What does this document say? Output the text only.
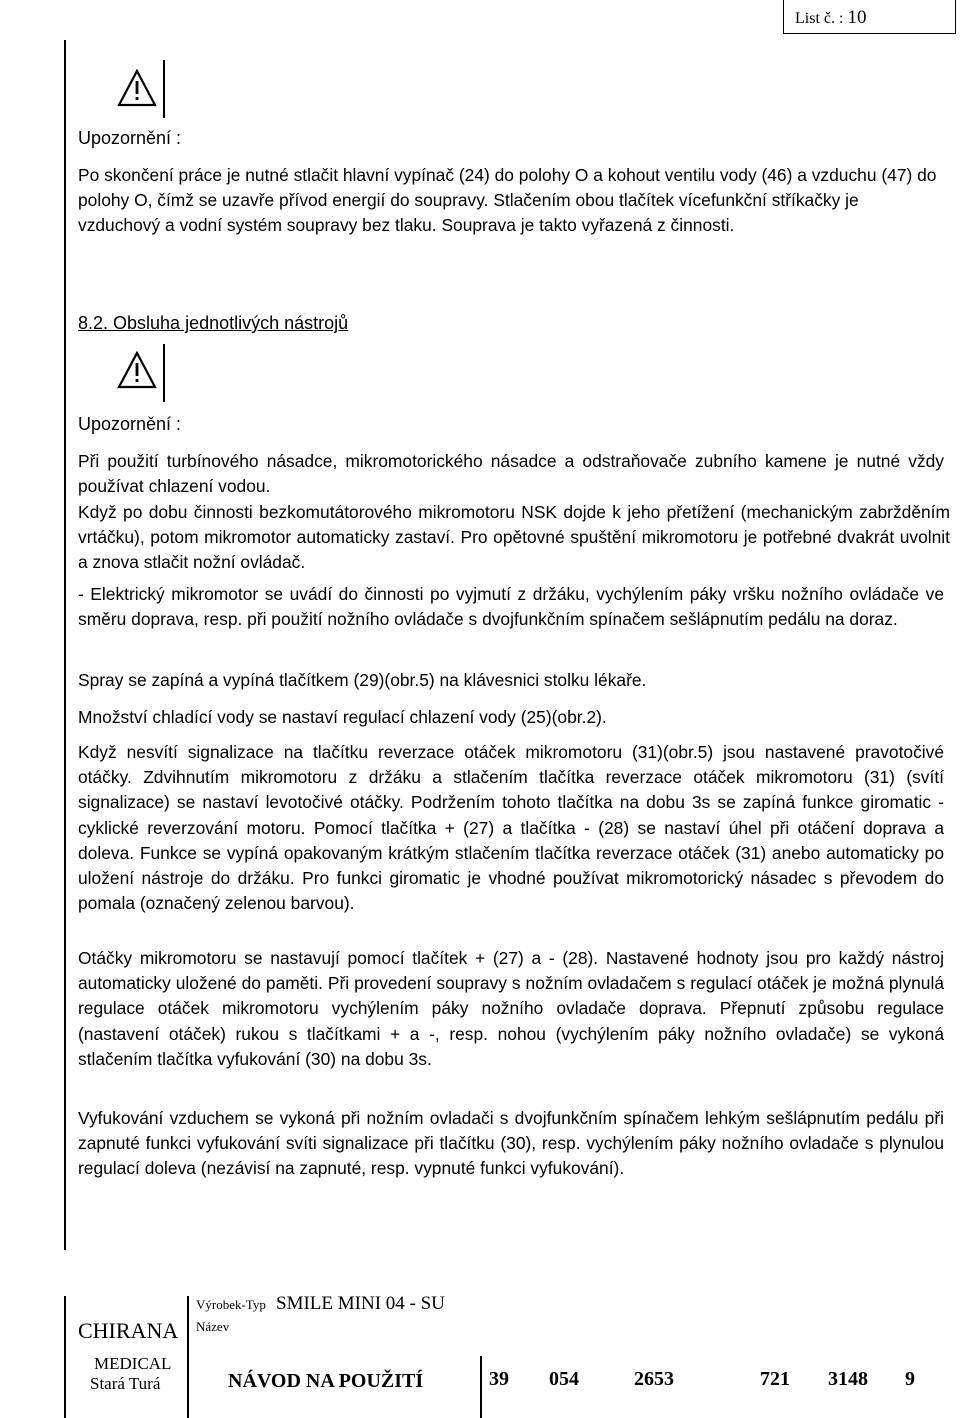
List č. : 10
Upozornění :

Po skončení práce je nutné stlačit hlavní vypínač (24) do polohy O a kohout ventilu vody (46) a vzduchu (47) do polohy O, čímž se uzavře přívod energií do soupravy. Stlačením obou tlačítek vícefunkční stříkačky je vzduchový a vodní systém soupravy bez tlaku. Souprava je takto vyřazená z činnosti.

8.2. Obsluha jednotlivých nástrojů
Upozornění :

Při použití turbínového násadce, mikromotorického násadce a odstraňovače zubního kamene je nutné vždy používat chlazení vodou.

Když po dobu činnosti bezkomutátorového mikromotoru NSK dojde k jeho přetížení (mechanickým zabržděním vrtáčku), potom mikromotor automaticky zastaví. Pro opětovné spuštění mikromotoru je potřebné dvakrát uvolnit a znova stlačit nožní ovládač.

- Elektrický mikromotor se uvádí do činnosti po vyjmutí z držáku, vychýlením páky vršku nožního ovládače ve směru doprava, resp. při použití nožního ovládače s dvojfunkčním spínačem sešlápnutím pedálu na doraz.

Spray se zapíná a vypíná tlačítkem (29)(obr.5) na klávesnici stolku lékaře.

Množství chladící vody se nastaví regulací chlazení vody (25)(obr.2).

Když nesvítí signalizace na tlačítku reverzace otáček mikromotoru (31)(obr.5) jsou nastavené pravotočivé otáčky. Zdvihnutím mikromotoru z držáku a stlačením tlačítka reverzace otáček mikromotoru (31) (svítí signalizace) se nastaví levotočivé otáčky. Podržením tohoto tlačítka na dobu 3s se zapíná funkce giromatic - cyklické reverzování motoru. Pomocí tlačítka + (27) a tlačítka - (28) se nastaví úhel při otáčení doprava a doleva. Funkce se vypíná opakovaným krátkým stlačením tlačítka reverzace otáček (31) anebo automaticky po uložení nástroje do držáku. Pro funkci giromatic je vhodné používat mikromotorický násadec s převodem do pomala (označený zelenou barvou).

Otáčky mikromotoru se nastavují pomocí tlačítek + (27) a - (28). Nastavené hodnoty jsou pro každý nástroj automaticky uložené do paměti. Při provedení soupravy s nožním ovladačem s regulací otáček je možná plynulá regulace otáček mikromotoru vychýlením páky nožního ovladače doprava. Přepnutí způsobu regulace (nastavení otáček) rukou s tlačítkami + a -, resp. nohou (vychýlením páky nožního ovladače) se vykoná stlačením tlačítka vyfukování (30) na dobu 3s.

Vyfukování vzduchem se vykoná při nožním ovladači s dvojfunkčním spínačem lehkým sešlápnutím pedálu při zapnuté funkci vyfukování svíti signalizace při tlačítku (30), resp. vychýlením páky nožního ovladače s plynulou regulací doleva (nezávisí na zapnuté, resp. vypnuté funkci vyfukování).

CHIRANA
MEDICAL
Stará Turá
Výrobek-Typ SMILE MINI 04 - SU
Název
NÁVOD NA POUŽITÍ	39 054	2653	721 3148 9
